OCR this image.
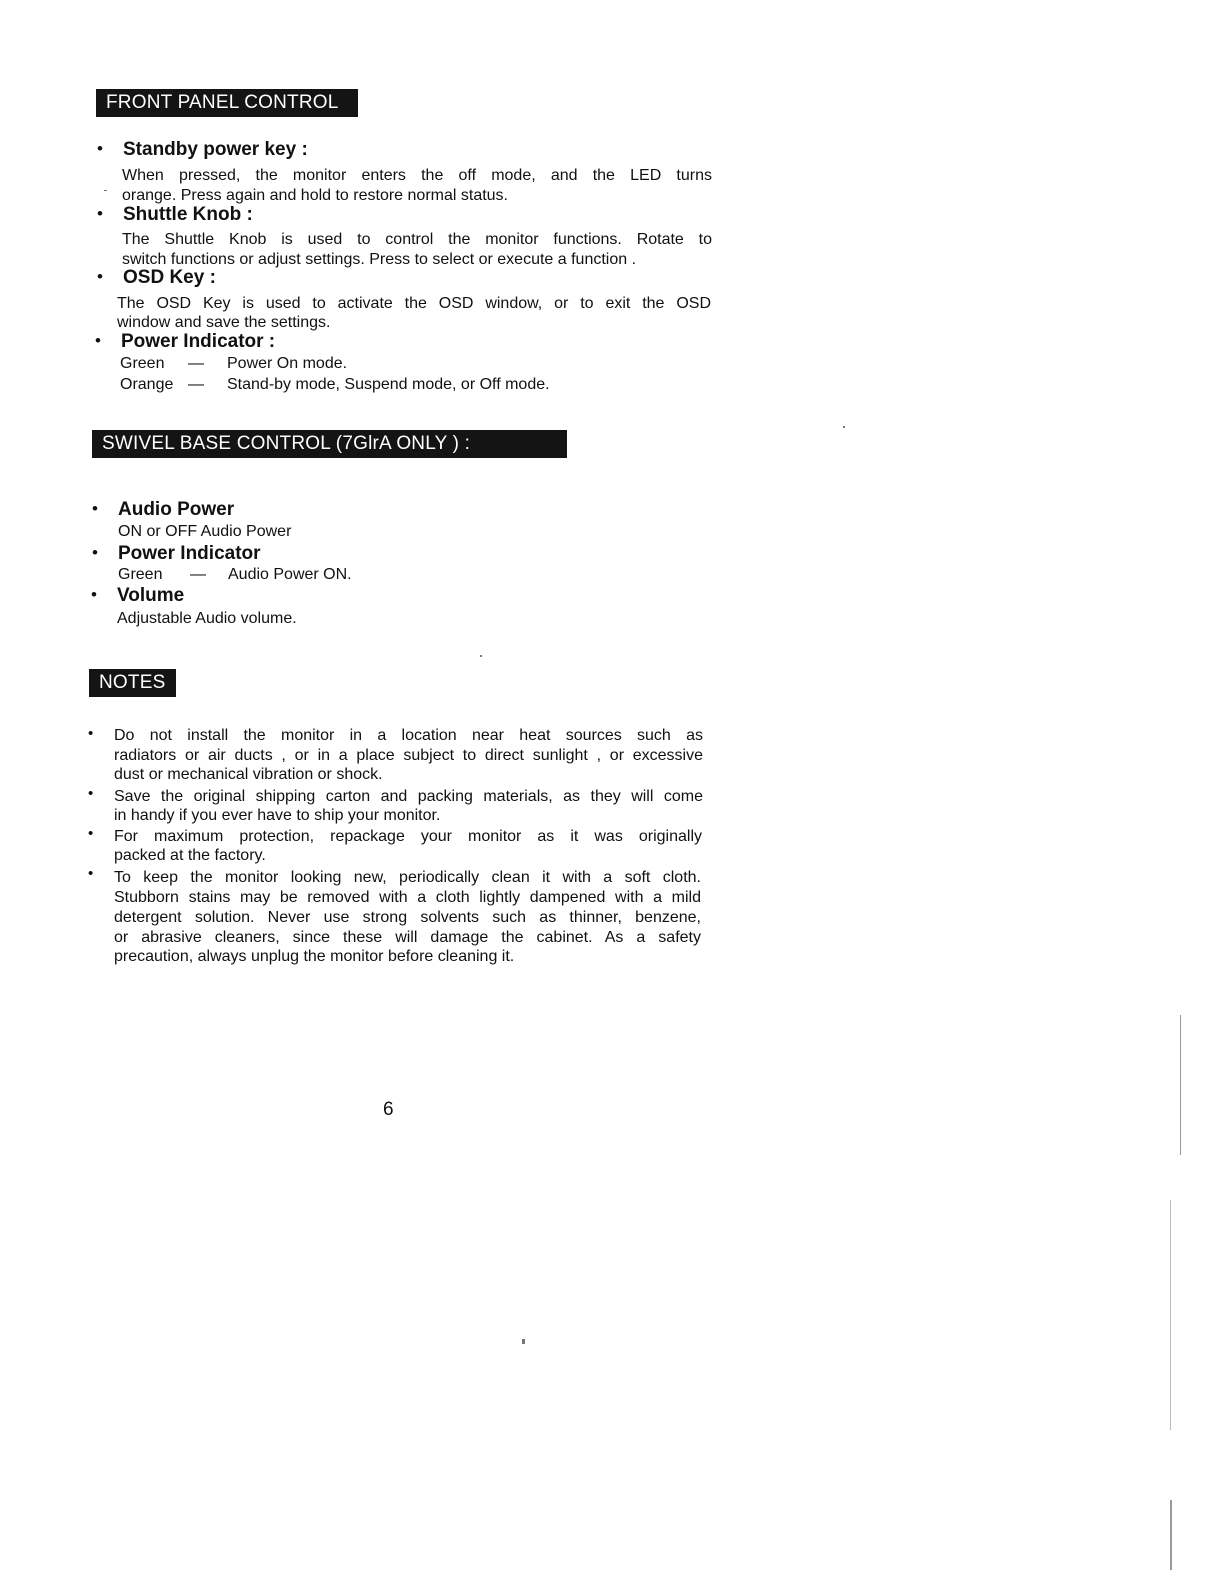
FRONT PANEL CONTROL
• Standby power key :
When pressed, the monitor enters the off mode, and the LED turns
orange. Press again and hold to restore normal status.
• Shuttle Knob :
The Shuttle Knob is used to control the monitor functions. Rotate to
switch functions or adjust settings. Press to select or execute a function .
• OSD Key :
The OSD Key is used to activate the OSD window, or to exit the OSD
window and save the settings.
• Power Indicator :
Green — Power On mode.
Orange — Stand-by mode, Suspend mode, or Off mode.
SWIVEL BASE CONTROL (7GlrA ONLY ) :
• Audio Power
ON or OFF Audio Power
• Power Indicator
Green — Audio Power ON.
• Volume
Adjustable Audio volume.
NOTES
• Do not install the monitor in a location near heat sources such as
radiators or air ducts , or in a place subject to direct sunlight , or excessive
dust or mechanical vibration or shock.
• Save the original shipping carton and packing materials, as they will come
in handy if you ever have to ship your monitor.
• For maximum protection, repackage your monitor as it was originally
packed at the factory.
• To keep the monitor looking new, periodically clean it with a soft cloth.
Stubborn stains may be removed with a cloth lightly dampened with a mild
detergent solution. Never use strong solvents such as thinner, benzene,
or abrasive cleaners, since these will damage the cabinet. As a safety
precaution, always unplug the monitor before cleaning it.
6
